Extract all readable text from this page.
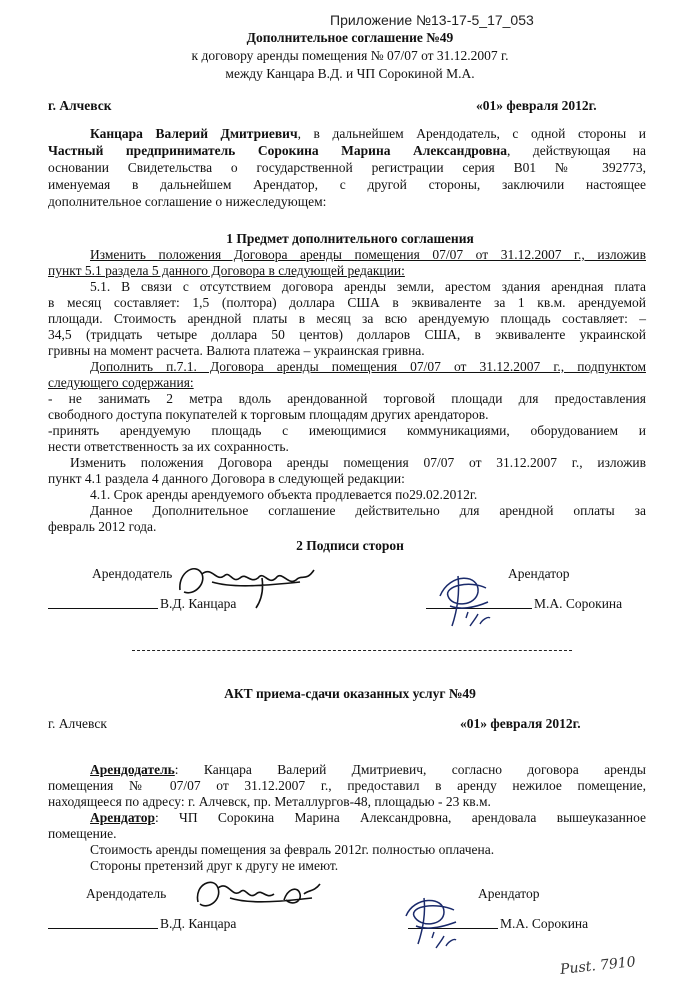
Приложение №13-17-5_17_053
Дополнительное соглашение №49
к договору аренды помещения № 07/07 от 31.12.2007 г.
между Канцара В.Д. и ЧП Сорокиной М.А.
г. Алчевск	«01» февраля 2012г.
Канцара Валерий Дмитриевич, в дальнейшем Арендодатель, с одной стороны и
Частный предприниматель Сорокина Марина Александровна, действующая на
основании Свидетельства о государственной регистрации серия В01 № 392773,
именуемая в дальнейшем Арендатор, с другой стороны, заключили настоящее
дополнительное соглашение о нижеследующем:
1 Предмет дополнительного соглашения
Изменить положения Договора аренды помещения 07/07 от 31.12.2007 г., изложив
пункт 5.1 раздела 5 данного Договора в следующей редакции:
5.1. В связи с отсутствием договора аренды земли, арестом здания арендная плата
в месяц составляет: 1,5 (полтора) доллара США в эквиваленте за 1 кв.м. арендуемой
площади. Стоимость арендной платы в месяц за всю арендуемую площадь составляет: –
34,5 (тридцать четыре доллара 50 центов) долларов США, в эквиваленте украинской
гривны на момент расчета. Валюта платежа – украинская гривна.
Дополнить п.7.1. Договора аренды помещения 07/07 от 31.12.2007 г., подпунктом
следующего содержания:
- не занимать 2 метра вдоль арендованной торговой площади для предоставления
свободного доступа покупателей к торговым площадям других арендаторов.
-принять арендуемую площадь с имеющимися коммуникациями, оборудованием и
нести ответственность за их сохранность.
Изменить положения Договора аренды помещения 07/07 от 31.12.2007 г., изложив
пункт 4.1 раздела 4 данного Договора в следующей редакции:
4.1. Срок аренды арендуемого объекта продлевается по29.02.2012г.
Данное Дополнительное соглашение действительно для арендной оплаты за
февраль 2012 года.
2 Подписи сторон
Арендодатель	Арендатор
В.Д. Канцара	М.А. Сорокина
АКТ приема-сдачи оказанных услуг №49
г. Алчевск	«01» февраля 2012г.
Арендодатель: Канцара Валерий Дмитриевич, согласно договора аренды
помещения № 07/07 от 31.12.2007 г., предоставил в аренду нежилое помещение,
находящееся по адресу: г. Алчевск, пр. Металлургов-48, площадью - 23 кв.м.
Арендатор: ЧП Сорокина Марина Александровна, арендовала вышеуказанное
помещение.
Стоимость аренды помещения за февраль 2012г. полностью оплачена.
Стороны претензий друг к другу не имеют.
Арендодатель	Арендатор
В.Д. Канцара	М.А. Сорокина
Pust. 7910
